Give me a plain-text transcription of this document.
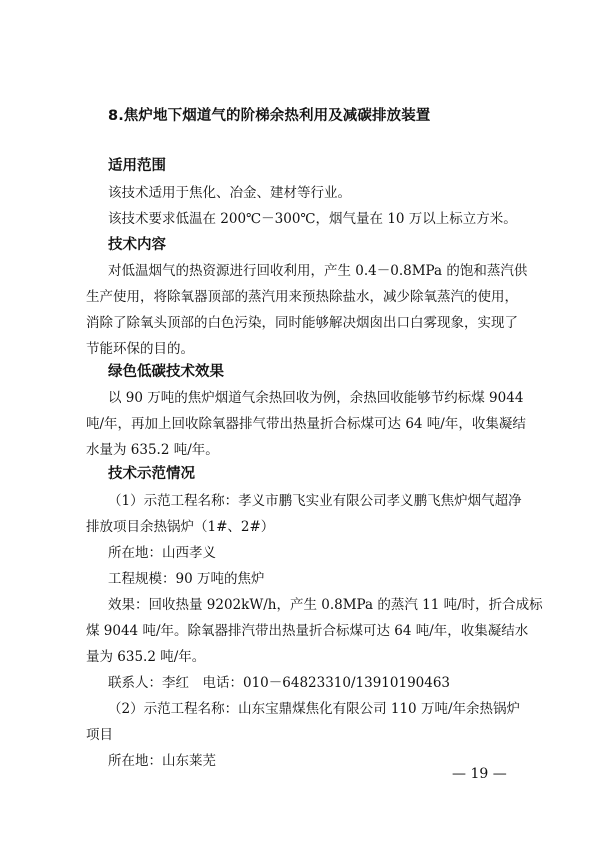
8.焦炉地下烟道气的阶梯余热利用及减碳排放装置
适用范围
该技术适用于焦化、冶金、建材等行业。
该技术要求低温在 200℃－300℃，烟气量在 10 万以上标立方米。
技术内容
对低温烟气的热资源进行回收利用，产生 0.4－0.8MPa 的饱和蒸汽供
生产使用，将除氧器顶部的蒸汽用来预热除盐水，减少除氧蒸汽的使用，
消除了除氧头顶部的白色污染，同时能够解决烟囱出口白雾现象，实现了
节能环保的目的。
绿色低碳技术效果
以 90 万吨的焦炉烟道气余热回收为例，余热回收能够节约标煤 9044
吨/年，再加上回收除氧器排气带出热量折合标煤可达 64 吨/年，收集凝结
水量为 635.2 吨/年。
技术示范情况
（1）示范工程名称：孝义市鹏飞实业有限公司孝义鹏飞焦炉烟气超净
排放项目余热锅炉（1#、2#）
所在地：山西孝义
工程规模：90 万吨的焦炉
效果：回收热量 9202kW/h，产生 0.8MPa 的蒸汽 11 吨/时，折合成标
煤 9044 吨/年。除氧器排汽带出热量折合标煤可达 64 吨/年，收集凝结水
量为 635.2 吨/年。
联系人：李红　电话：010－64823310/13910190463
（2）示范工程名称：山东宝鼎煤焦化有限公司 110 万吨/年余热锅炉
项目
所在地：山东莱芜
— 19 —
